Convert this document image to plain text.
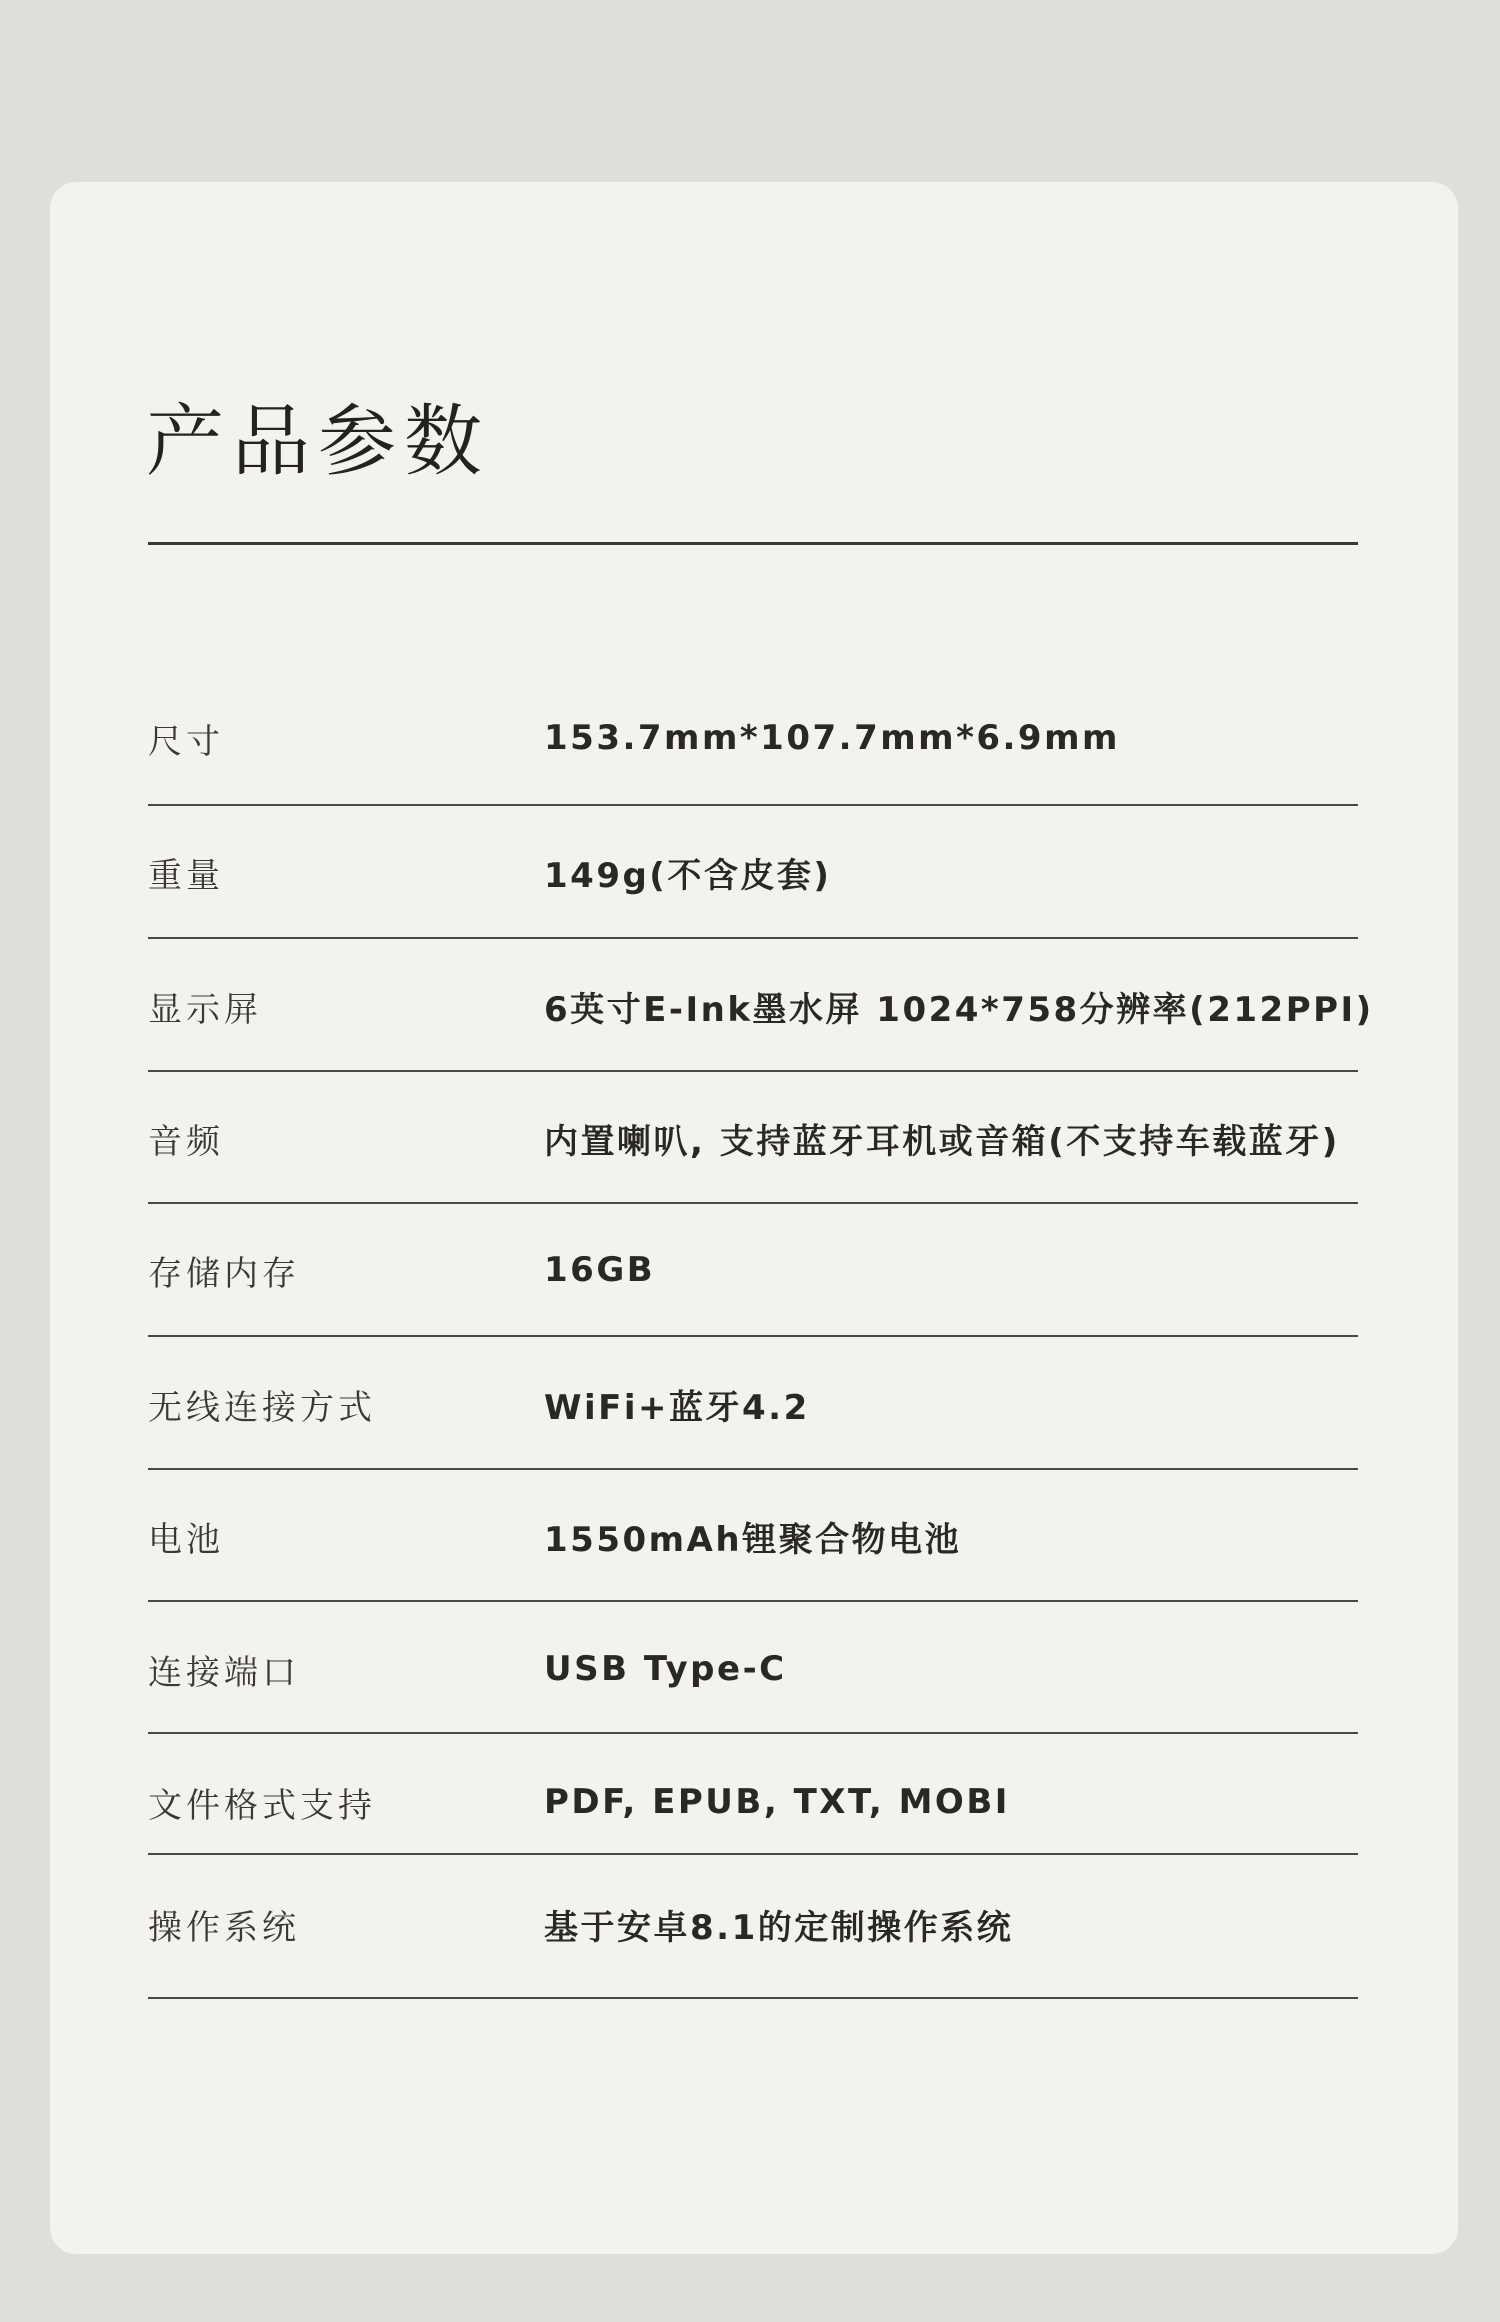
产品参数
尺寸	153.7mm*107.7mm*6.9mm
重量	149g(不含皮套)
显示屏	6英寸E-Ink墨水屏 1024*758分辨率(212PPI)
音频	内置喇叭, 支持蓝牙耳机或音箱(不支持车载蓝牙)
存储内存	16GB
无线连接方式	WiFi+蓝牙4.2
电池	1550mAh锂聚合物电池
连接端口	USB Type-C
文件格式支持	PDF, EPUB, TXT, MOBI
操作系统	基于安卓8.1的定制操作系统
